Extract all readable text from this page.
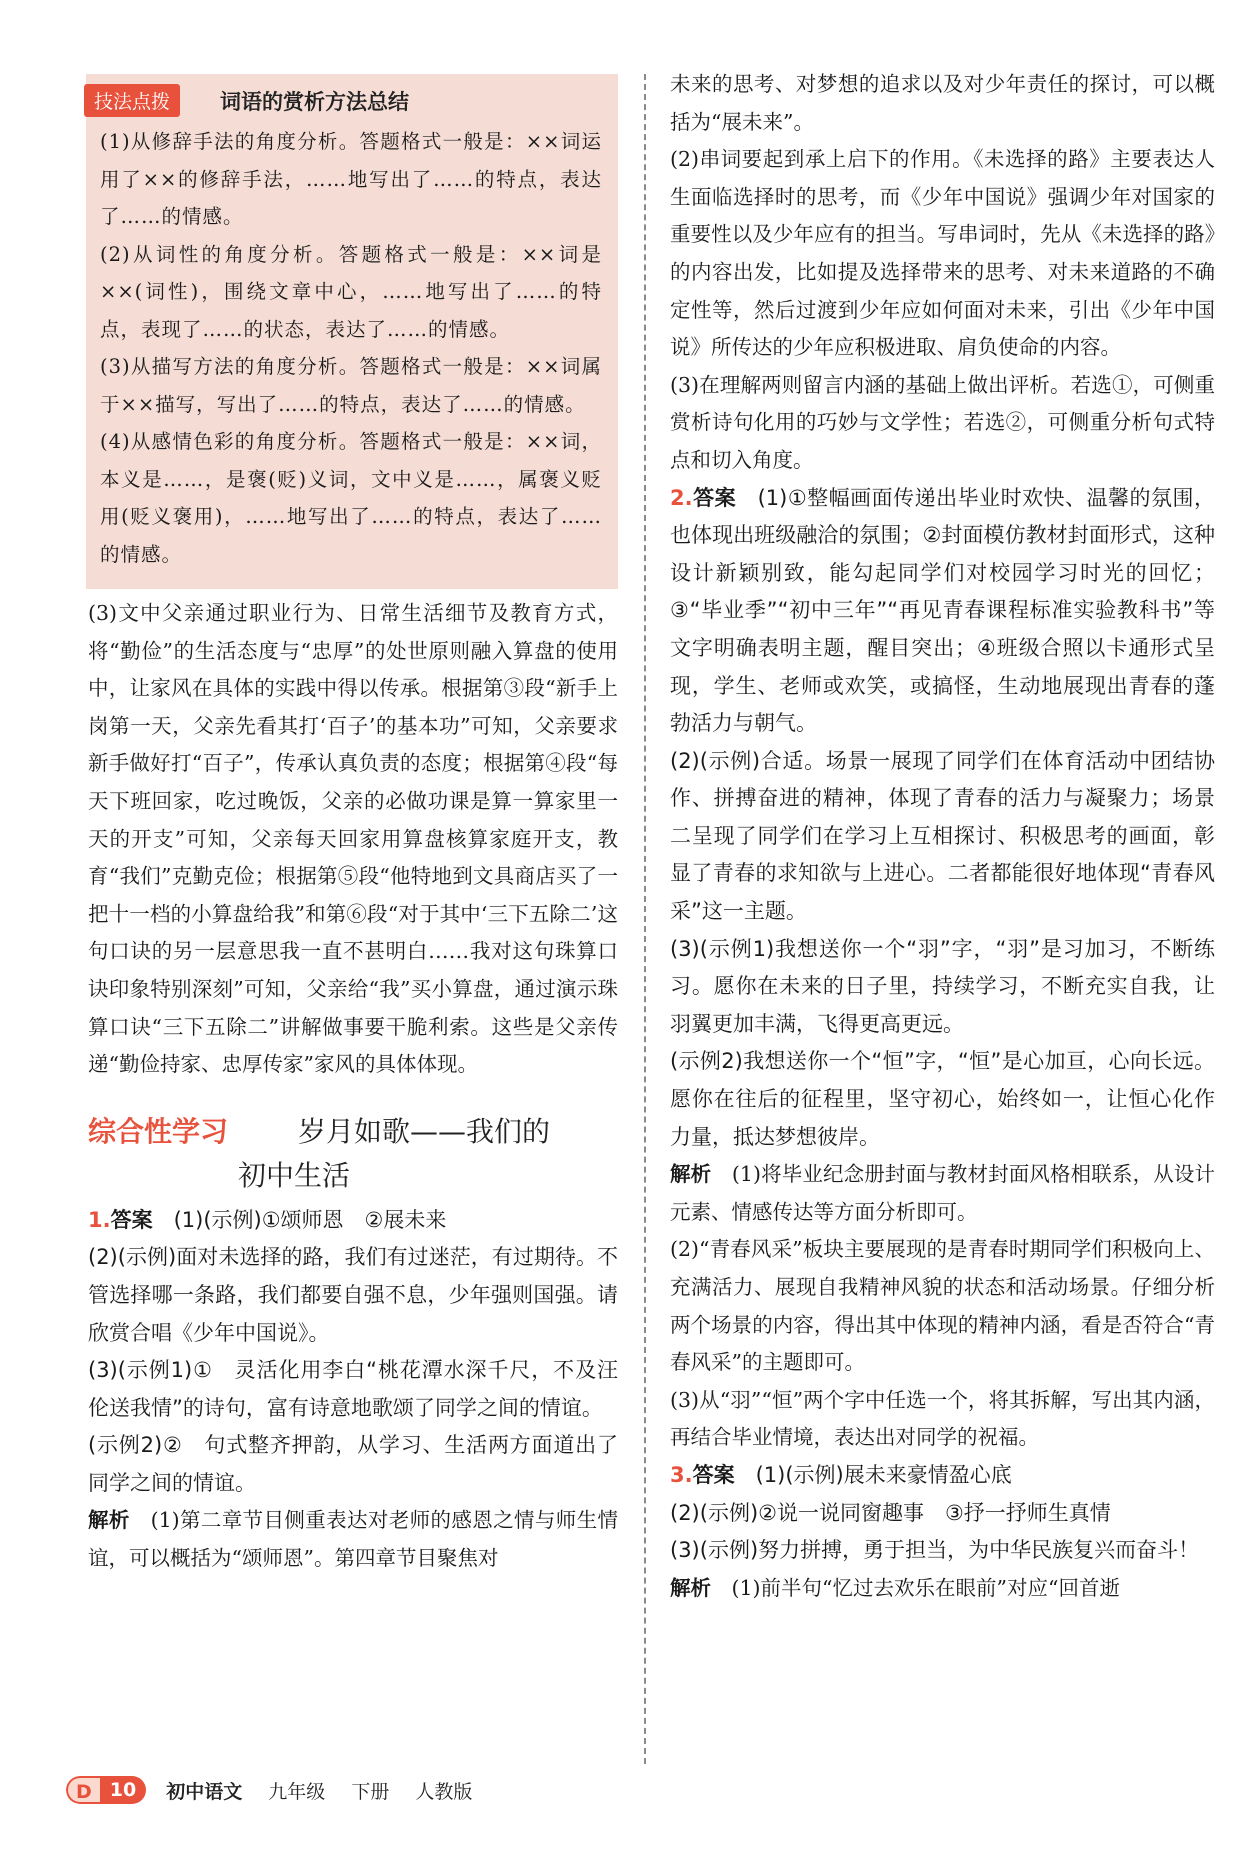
技法点拨	词语的赏析方法总结
(1)从修辞手法的角度分析。答题格式一般是：××词运用了××的修辞手法，……地写出了……的特点，表达了……的情感。
(2)从词性的角度分析。答题格式一般是：××词是××(词性)，围绕文章中心，……地写出了……的特点，表现了……的状态，表达了……的情感。
(3)从描写方法的角度分析。答题格式一般是：××词属于××描写，写出了……的特点，表达了……的情感。
(4)从感情色彩的角度分析。答题格式一般是：××词，本义是……，是褒(贬)义词，文中义是……，属褒义贬用(贬义褒用)，……地写出了……的特点，表达了……的情感。

(3)文中父亲通过职业行为、日常生活细节及教育方式，将“勤俭”的生活态度与“忠厚”的处世原则融入算盘的使用中，让家风在具体的实践中得以传承。根据第③段“新手上岗第一天，父亲先看其打‘百子’的基本功”可知，父亲要求新手做好打“百子”，传承认真负责的态度；根据第④段“每天下班回家，吃过晚饭，父亲的必做功课是算一算家里一天的开支”可知，父亲每天回家用算盘核算家庭开支，教育“我们”克勤克俭；根据第⑤段“他特地到文具商店买了一把十一档的小算盘给我”和第⑥段“对于其中‘三下五除二’这句口诀的另一层意思我一直不甚明白……我对这句珠算口诀印象特别深刻”可知，父亲给“我”买小算盘，通过演示珠算口诀“三下五除二”讲解做事要干脆利索。这些是父亲传递“勤俭持家、忠厚传家”家风的具体体现。

综合性学习 岁月如歌——我们的
初中生活

1.答案　 (1)(示例)①颂师恩　②展未来

(2)(示例)面对未选择的路，我们有过迷茫，有过期待。不管选择哪一条路，我们都要自强不息，少年强则国强。请欣赏合唱《少年中国说》。

(3)(示例1)①　灵活化用李白“桃花潭水深千尺，不及汪伦送我情”的诗句，富有诗意地歌颂了同学之间的情谊。

(示例2)②　句式整齐押韵，从学习、生活两方面道出了同学之间的情谊。

解析　 (1)第二章节目侧重表达对老师的感恩之情与师生情谊，可以概括为“颂师恩”。第四章节目聚焦对

未来的思考、对梦想的追求以及对少年责任的探讨，可以概括为“展未来”。

(2)串词要起到承上启下的作用。《未选择的路》主要表达人生面临选择时的思考，而《少年中国说》强调少年对国家的重要性以及少年应有的担当。写串词时，先从《未选择的路》的内容出发，比如提及选择带来的思考、对未来道路的不确定性等，然后过渡到少年应如何面对未来，引出《少年中国说》所传达的少年应积极进取、肩负使命的内容。

(3)在理解两则留言内涵的基础上做出评析。若选①，可侧重赏析诗句化用的巧妙与文学性；若选②，可侧重分析句式特点和切入角度。

2.答案　 (1)①整幅画面传递出毕业时欢快、温馨的氛围，也体现出班级融洽的氛围；②封面模仿教材封面形式，这种设计新颖别致，能勾起同学们对校园学习时光的回忆；③“毕业季”“初中三年”“再见青春课程标准实验教科书”等文字明确表明主题，醒目突出；④班级合照以卡通形式呈现，学生、老师或欢笑，或搞怪，生动地展现出青春的蓬勃活力与朝气。

(2)(示例)合适。场景一展现了同学们在体育活动中团结协作、拼搏奋进的精神，体现了青春的活力与凝聚力；场景二呈现了同学们在学习上互相探讨、积极思考的画面，彰显了青春的求知欲与上进心。二者都能很好地体现“青春风采”这一主题。

(3)(示例1)我想送你一个“羽”字，“羽”是习加习，不断练习。愿你在未来的日子里，持续学习，不断充实自我，让羽翼更加丰满，飞得更高更远。

(示例2)我想送你一个“恒”字，“恒”是心加亘，心向长远。愿你在往后的征程里，坚守初心，始终如一，让恒心化作力量，抵达梦想彼岸。

解析　 (1)将毕业纪念册封面与教材封面风格相联系，从设计元素、情感传达等方面分析即可。

(2)“青春风采”板块主要展现的是青春时期同学们积极向上、充满活力、展现自我精神风貌的状态和活动场景。仔细分析两个场景的内容，得出其中体现的精神内涵，看是否符合“青春风采”的主题即可。

(3)从“羽”“恒”两个字中任选一个，将其拆解，写出其内涵，再结合毕业情境，表达出对同学的祝福。

3.答案　 (1)(示例)展未来豪情盈心底

(2)(示例)②说一说同窗趣事　③抒一抒师生真情

(3)(示例)努力拼搏，勇于担当，为中华民族复兴而奋斗！

解析　 (1)前半句“忆过去欢乐在眼前”对应“回首逝

D 10	初中语文 九年级 下册 人教版
